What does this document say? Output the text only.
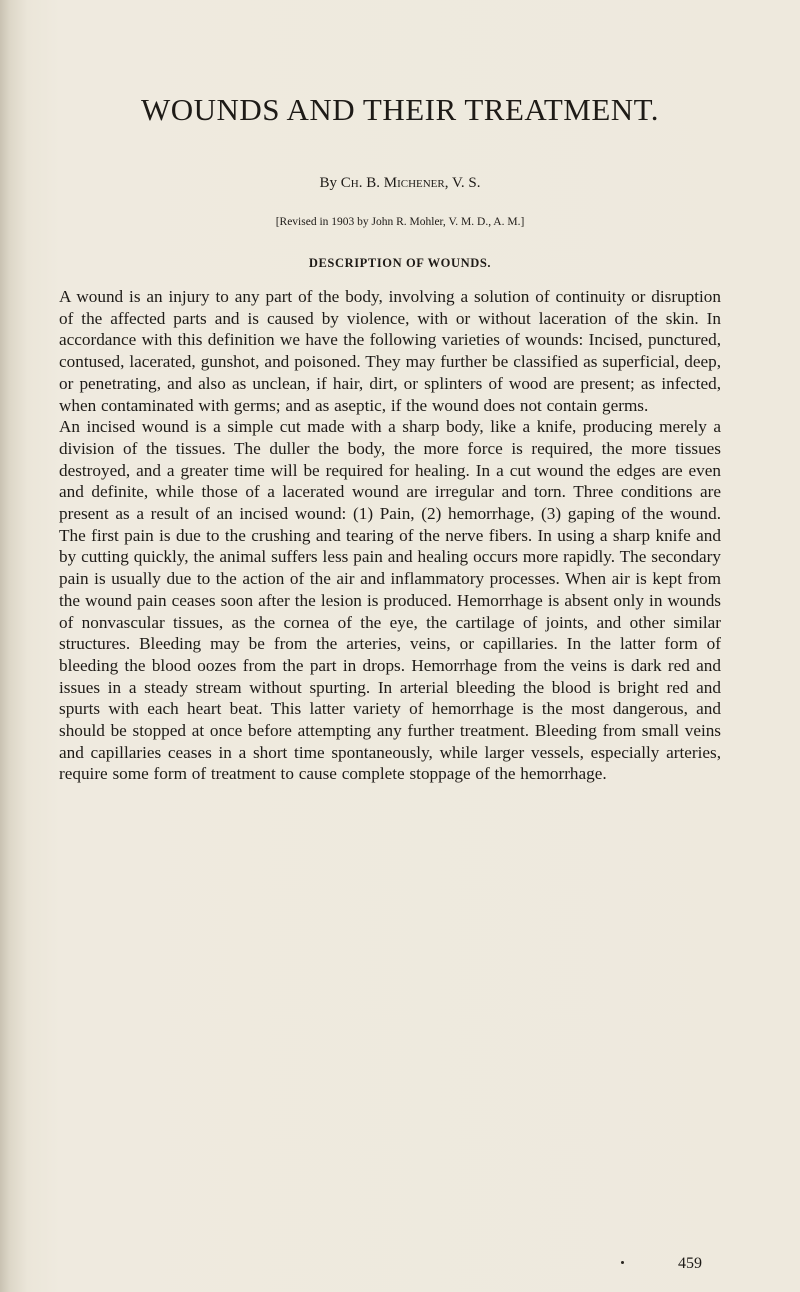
WOUNDS AND THEIR TREATMENT.

By Ch. B. Michener, V. S.

[Revised in 1903 by John R. Mohler, V. M. D., A. M.]

DESCRIPTION OF WOUNDS.

A wound is an injury to any part of the body, involving a solution of continuity or disruption of the affected parts and is caused by violence, with or without laceration of the skin. In accordance with this definition we have the following varieties of wounds: Incised, punctured, contused, lacerated, gunshot, and poisoned. They may further be classified as superficial, deep, or penetrating, and also as unclean, if hair, dirt, or splinters of wood are present; as infected, when contaminated with germs; and as aseptic, if the wound does not contain germs.

An incised wound is a simple cut made with a sharp body, like a knife, producing merely a division of the tissues. The duller the body, the more force is required, the more tissues destroyed, and a greater time will be required for healing. In a cut wound the edges are even and definite, while those of a lacerated wound are irregular and torn. Three conditions are present as a result of an incised wound: (1) Pain, (2) hemorrhage, (3) gaping of the wound. The first pain is due to the crushing and tearing of the nerve fibers. In using a sharp knife and by cutting quickly, the animal suffers less pain and healing occurs more rapidly. The secondary pain is usually due to the action of the air and inflammatory processes. When air is kept from the wound pain ceases soon after the lesion is produced. Hemorrhage is absent only in wounds of nonvascular tissues, as the cornea of the eye, the cartilage of joints, and other similar structures. Bleeding may be from the arteries, veins, or capillaries. In the latter form of bleeding the blood oozes from the part in drops. Hemorrhage from the veins is dark red and issues in a steady stream without spurting. In arterial bleeding the blood is bright red and spurts with each heart beat. This latter variety of hemorrhage is the most dangerous, and should be stopped at once before attempting any further treatment. Bleeding from small veins and capillaries ceases in a short time spontaneously, while larger vessels, especially arteries, require some form of treatment to cause complete stoppage of the hemorrhage.

459
